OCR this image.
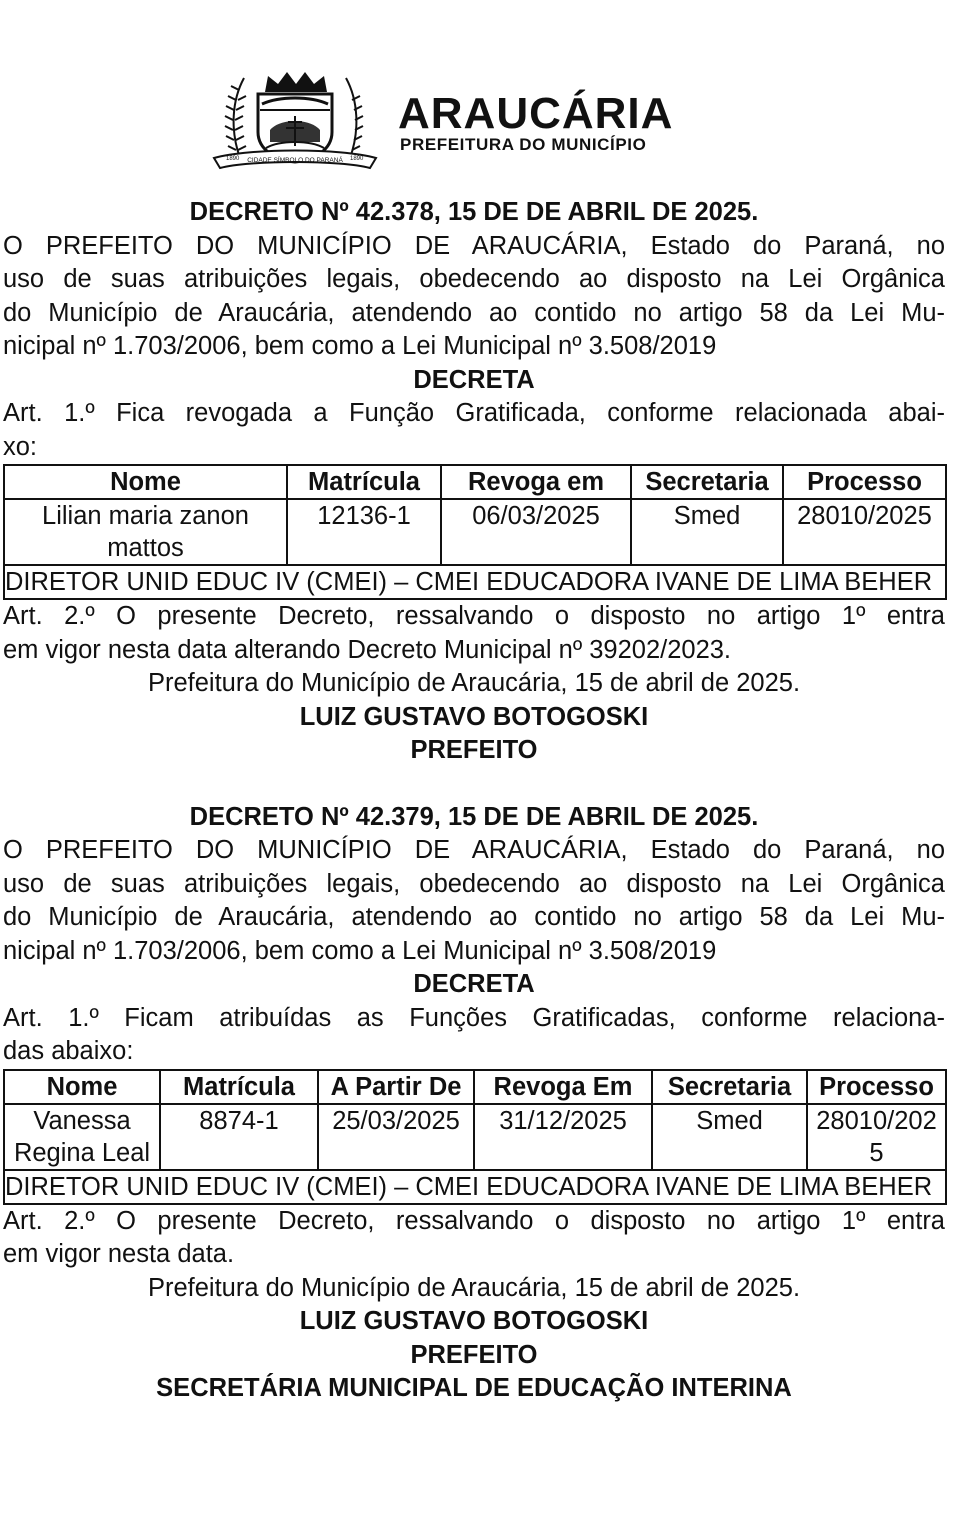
CIDADE SÍMBOLO DO PARANÁ
1890	1890
ARAUCÁRIA
PREFEITURA DO MUNICÍPIO

DECRETO Nº 42.378, 15 DE DE ABRIL DE 2025.

O PREFEITO DO MUNICÍPIO DE ARAUCÁRIA, Estado do Paraná, no

uso de suas atribuições legais, obedecendo ao disposto na Lei Orgânica

do Município de Araucária, atendendo ao contido no artigo 58 da Lei Mu-

nicipal nº 1.703/2006, bem como a Lei Municipal nº 3.508/2019

DECRETA

Art. 1.º Fica revogada a Função Gratificada, conforme relacionada abai-

xo:

Nome	Matrícula	Revoga em	Secretaria	Processo
Lilian maria zanon mattos	12136-1	06/03/2025	Smed	28010/2025
DIRETOR UNID EDUC IV (CMEI) – CMEI EDUCADORA IVANE DE LIMA BEHER				

Art. 2.º O presente Decreto, ressalvando o disposto no artigo 1º entra

em vigor nesta data alterando Decreto Municipal nº 39202/2023.

Prefeitura do Município de Araucária, 15 de abril de 2025.

LUIZ GUSTAVO BOTOGOSKI

PREFEITO

DECRETO Nº 42.379, 15 DE DE ABRIL DE 2025.

O PREFEITO DO MUNICÍPIO DE ARAUCÁRIA, Estado do Paraná, no

uso de suas atribuições legais, obedecendo ao disposto na Lei Orgânica

do Município de Araucária, atendendo ao contido no artigo 58 da Lei Mu-

nicipal nº 1.703/2006, bem como a Lei Municipal nº 3.508/2019

DECRETA

Art. 1.º Ficam atribuídas as Funções Gratificadas, conforme relaciona-

das abaixo:

Nome	Matrícula	A Partir De	Revoga Em	Secretaria	Processo
Vanessa Regina Leal	8874-1	25/03/2025	31/12/2025	Smed	28010/2025
DIRETOR UNID EDUC IV (CMEI) – CMEI EDUCADORA IVANE DE LIMA BEHER					

Art. 2.º O presente Decreto, ressalvando o disposto no artigo 1º entra

em vigor nesta data.

Prefeitura do Município de Araucária, 15 de abril de 2025.

LUIZ GUSTAVO BOTOGOSKI

PREFEITO

SECRETÁRIA MUNICIPAL DE EDUCAÇÃO INTERINA
